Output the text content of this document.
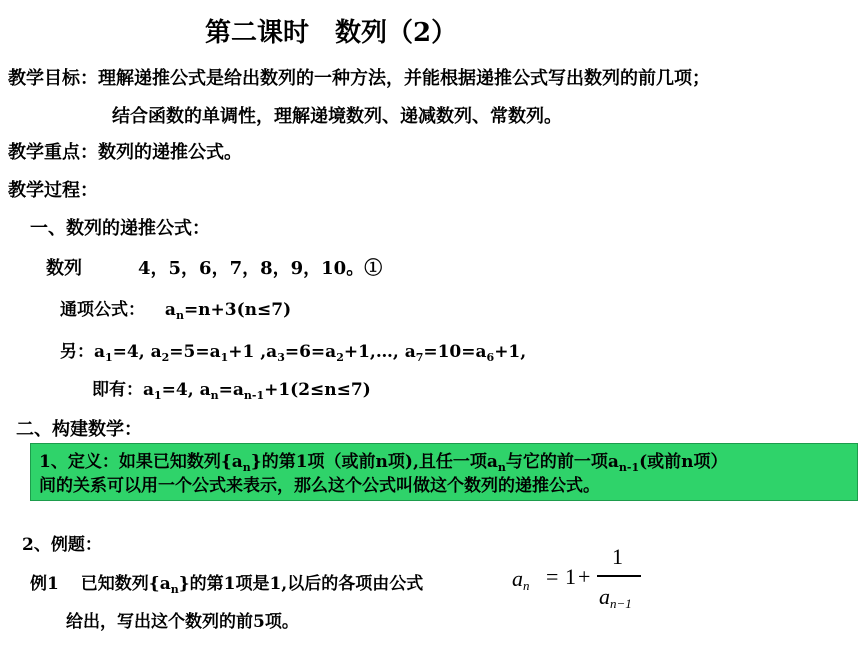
第二课时　数列（2）
教学目标：理解递推公式是给出数列的一种方法，并能根据递推公式写出数列的前几项；
结合函数的单调性，理解递境数列、递减数列、常数列。
教学重点：数列的递推公式。
教学过程：
一、数列的递推公式：
数列	4，5，6，7，8，9，10。①
通项公式： $a_n=n+3(n\le 7)$
另：$a_1=4$, $a_2=5=a_1+1$ $,a_3=6=a_2+1,\dots$, $a_7=10=a_6+1$,
即有：$a_1=4$, $a_n=a_{n-1}+1(2\le n\le 7)$
二、构建数学：
1、定义：如果已知数列$\{a_n\}$的第1项（或前n项),且任一项$a_n$与它的前一项$a_{n-1}$(或前n项）
间的关系可以用一个公式来表示，那么这个公式叫做这个数列的递推公式。
2、例题：
例1 已知数列$\{a_n\}$的第1项是1,以后的各项由公式	$a_n = 1$ +
1
$a_{n-1}$
给出，写出这个数列的前5项。
